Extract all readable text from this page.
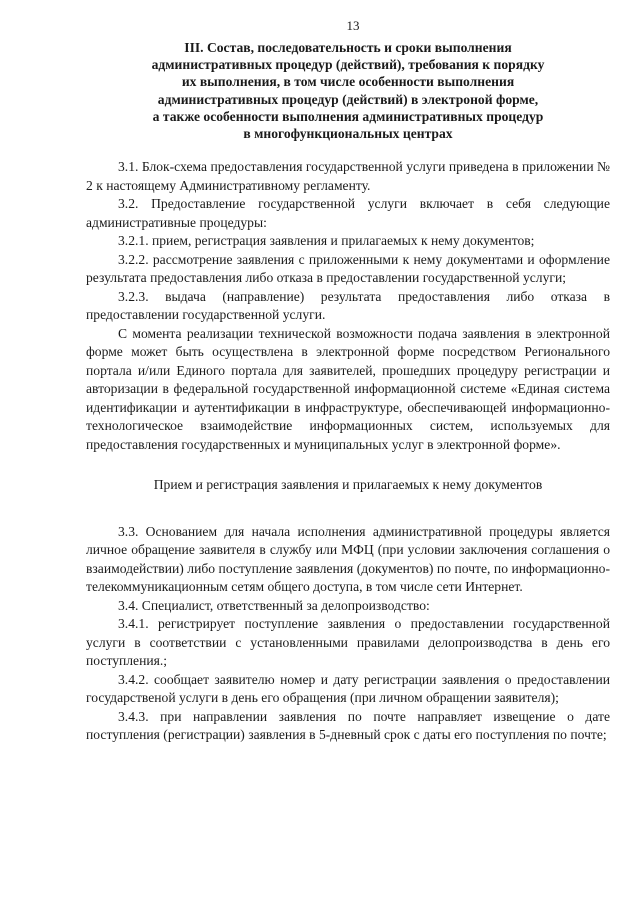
13
III. Состав, последовательность и сроки выполнения
административных процедур (действий), требования к порядку
их выполнения, в том числе особенности выполнения
административных процедур (действий) в электроной форме,
а также особенности выполнения административных процедур
в многофункциональных центрах

3.1. Блок-схема предоставления государственной услуги приведена в приложении № 2 к настоящему Административному регламенту.

3.2. Предоставление государственной услуги включает в себя следующие административные процедуры:

3.2.1. прием, регистрация заявления и прилагаемых к нему документов;

3.2.2. рассмотрение заявления с приложенными к нему документами и оформление результата предоставления либо отказа в предоставлении государственной услуги;

3.2.3. выдача (направление) результата предоставления либо отказа в предоставлении государственной услуги.

С момента реализации технической возможности подача заявления в электронной форме может быть осуществлена в электронной форме посредством Регионального портала и/или Единого портала для заявителей, прошедших процедуру регистрации и авторизации в федеральной государственной информационной системе «Единая система идентификации и аутентификации в инфраструктуре, обеспечивающей информационно-технологическое взаимодействие информационных систем, используемых для предоставления государственных и муниципальных услуг в электронной форме».

Прием и регистрация заявления и прилагаемых к нему документов

3.3. Основанием для начала исполнения административной процедуры является личное обращение заявителя в службу или МФЦ (при условии заключения соглашения о взаимодействии) либо поступление заявления (документов) по почте, по информационно-телекоммуникационным сетям общего доступа, в том числе сети Интернет.

3.4. Специалист, ответственный за делопроизводство:

3.4.1. регистрирует поступление заявления о предоставлении государственной услуги в соответствии с установленными правилами делопроизводства в день его поступления.;

3.4.2. сообщает заявителю номер и дату регистрации заявления о предоставлении государственой услуги в день его обращения (при личном обращении заявителя);

3.4.3. при направлении заявления по почте направляет извещение о дате поступления (регистрации) заявления в 5-дневный срок с даты его поступления по почте;
